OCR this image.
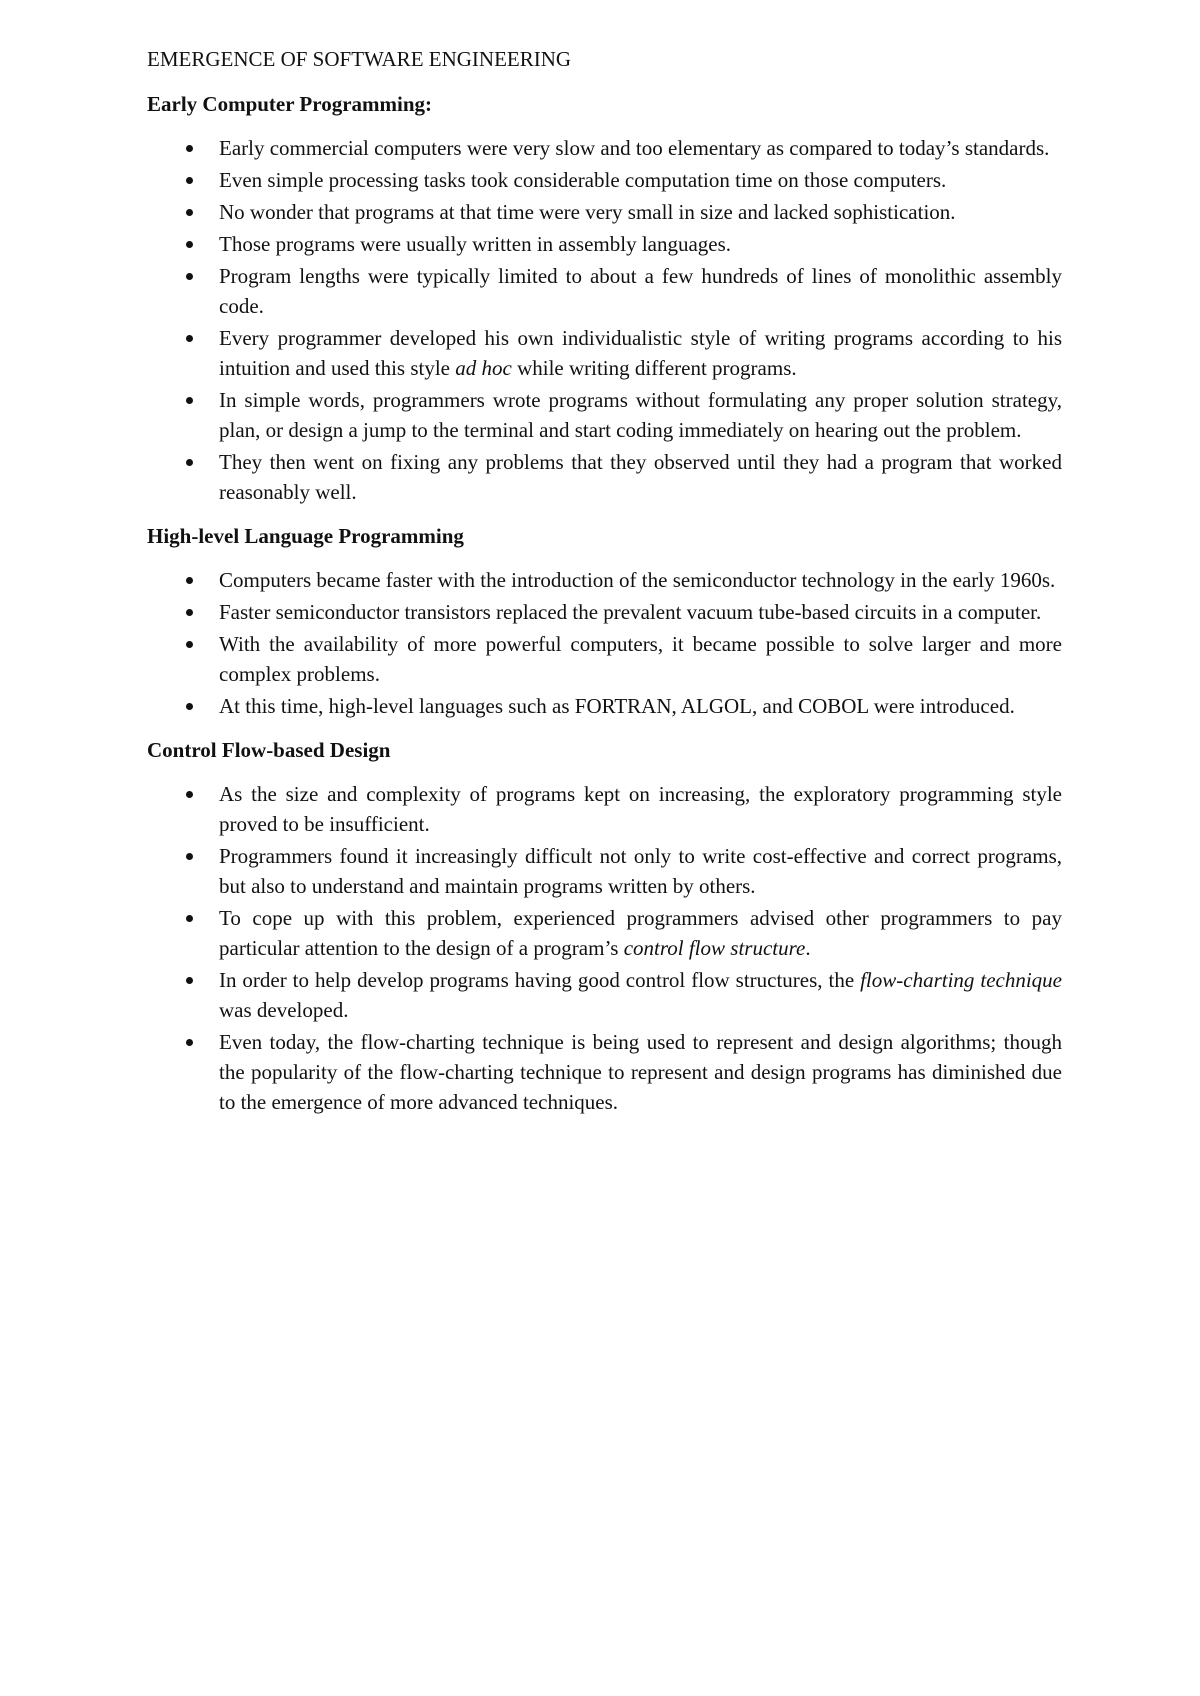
EMERGENCE OF SOFTWARE ENGINEERING
Early Computer Programming:
Early commercial computers were very slow and too elementary as compared to today’s standards.
Even simple processing tasks took considerable computation time on those computers.
No wonder that programs at that time were very small in size and lacked sophistication.
Those programs were usually written in assembly languages.
Program lengths were typically limited to about a few hundreds of lines of monolithic assembly code.
Every programmer developed his own individualistic style of writing programs according to his intuition and used this style ad hoc while writing different programs.
In simple words, programmers wrote programs without formulating any proper solution strategy, plan, or design a jump to the terminal and start coding immediately on hearing out the problem.
They then went on fixing any problems that they observed until they had a program that worked reasonably well.
High-level Language Programming
Computers became faster with the introduction of the semiconductor technology in the early 1960s.
Faster semiconductor transistors replaced the prevalent vacuum tube-based circuits in a computer.
With the availability of more powerful computers, it became possible to solve larger and more complex problems.
At this time, high-level languages such as FORTRAN, ALGOL, and COBOL were introduced.
Control Flow-based Design
As the size and complexity of programs kept on increasing, the exploratory programming style proved to be insufficient.
Programmers found it increasingly difficult not only to write cost-effective and correct programs, but also to understand and maintain programs written by others.
To cope up with this problem, experienced programmers advised other programmers to pay particular attention to the design of a program’s control flow structure.
In order to help develop programs having good control flow structures, the flow-charting technique was developed.
Even today, the flow-charting technique is being used to represent and design algorithms; though the popularity of the flow-charting technique to represent and design programs has diminished due to the emergence of more advanced techniques.
